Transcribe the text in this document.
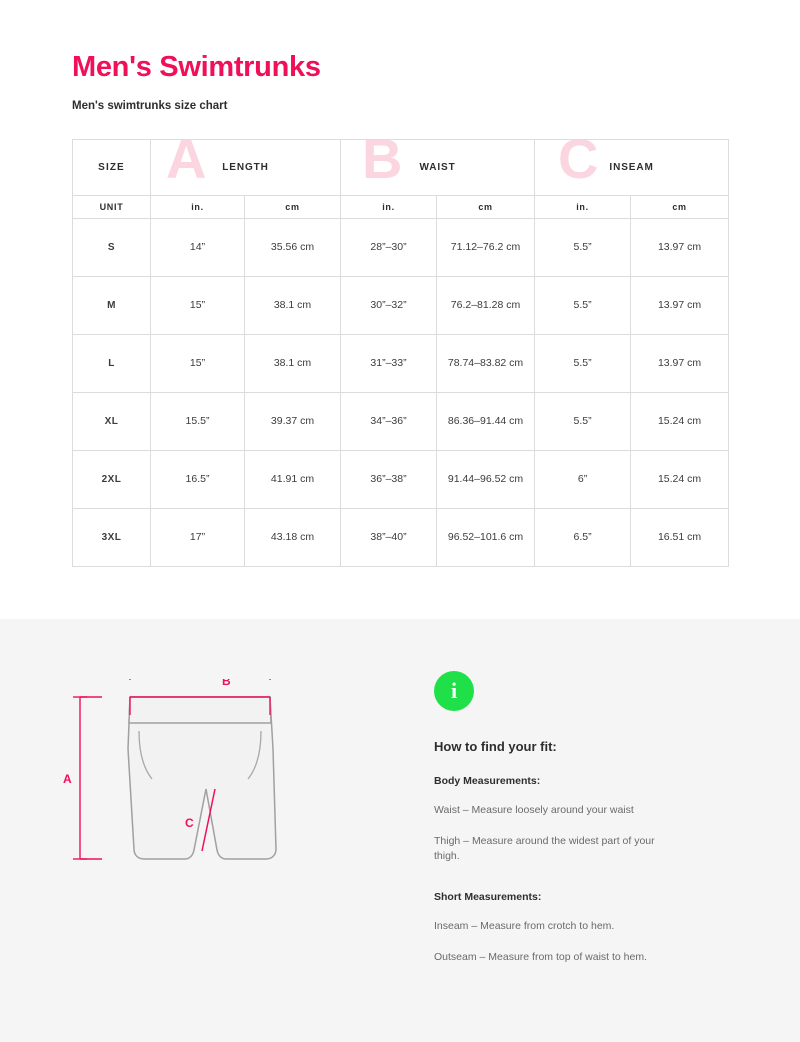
Men's Swimtrunks
Men's swimtrunks size chart
A	B	C
SIZE	LENGTH		WAIST		INSEAM	
UNIT	in.	cm	in.	cm	in.	cm
S	14”	35.56 cm	28”–30”	71.12–76.2 cm	5.5”	13.97 cm
M	15”	38.1 cm	30”–32”	76.2–81.28 cm	5.5”	13.97 cm
L	15”	38.1 cm	31”–33”	78.74–83.82 cm	5.5”	13.97 cm
XL	15.5”	39.37 cm	34”–36”	86.36–91.44 cm	5.5”	15.24 cm
2XL	16.5”	41.91 cm	36”–38”	91.44–96.52 cm	6”	15.24 cm
3XL	17”	43.18 cm	38”–40”	96.52–101.6 cm	6.5”	16.51 cm
A
B
C
i
How to find your fit:
Body Measurements:
Waist – Measure loosely around your waist
Thigh – Measure around the widest part of your thigh.
Short Measurements:
Inseam – Measure from crotch to hem.
Outseam – Measure from top of waist to hem.
